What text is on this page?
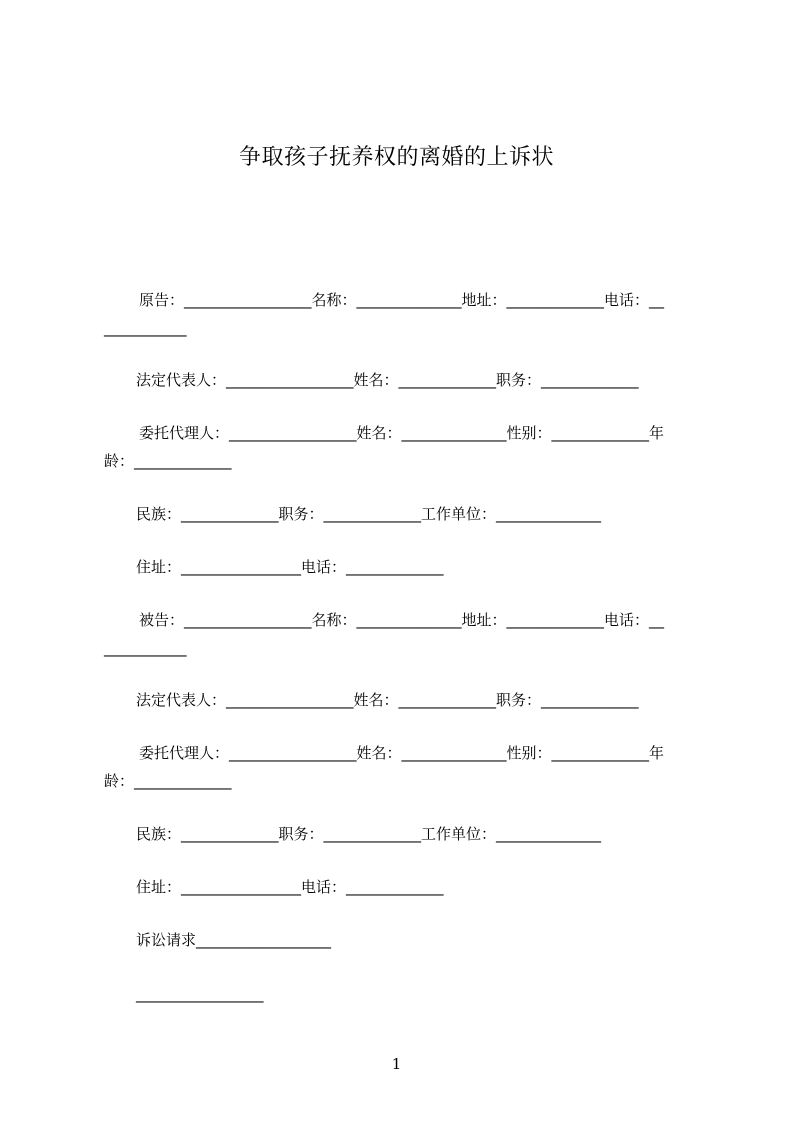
争取孩子抚养权的离婚的上诉状
原告：_________________名称：______________地址：_____________电话：__
___________
法定代表人：_________________姓名：_____________职务：_____________
委托代理人：_________________姓名：______________性别：_____________年
龄：_____________
民族：_____________职务：_____________工作单位：______________
住址：________________电话：_____________
被告：_________________名称：______________地址：_____________电话：__
___________
法定代表人：_________________姓名：_____________职务：_____________
委托代理人：_________________姓名：______________性别：_____________年
龄：_____________
民族：_____________职务：_____________工作单位：______________
住址：________________电话：_____________
诉讼请求__________________
_________________
1
